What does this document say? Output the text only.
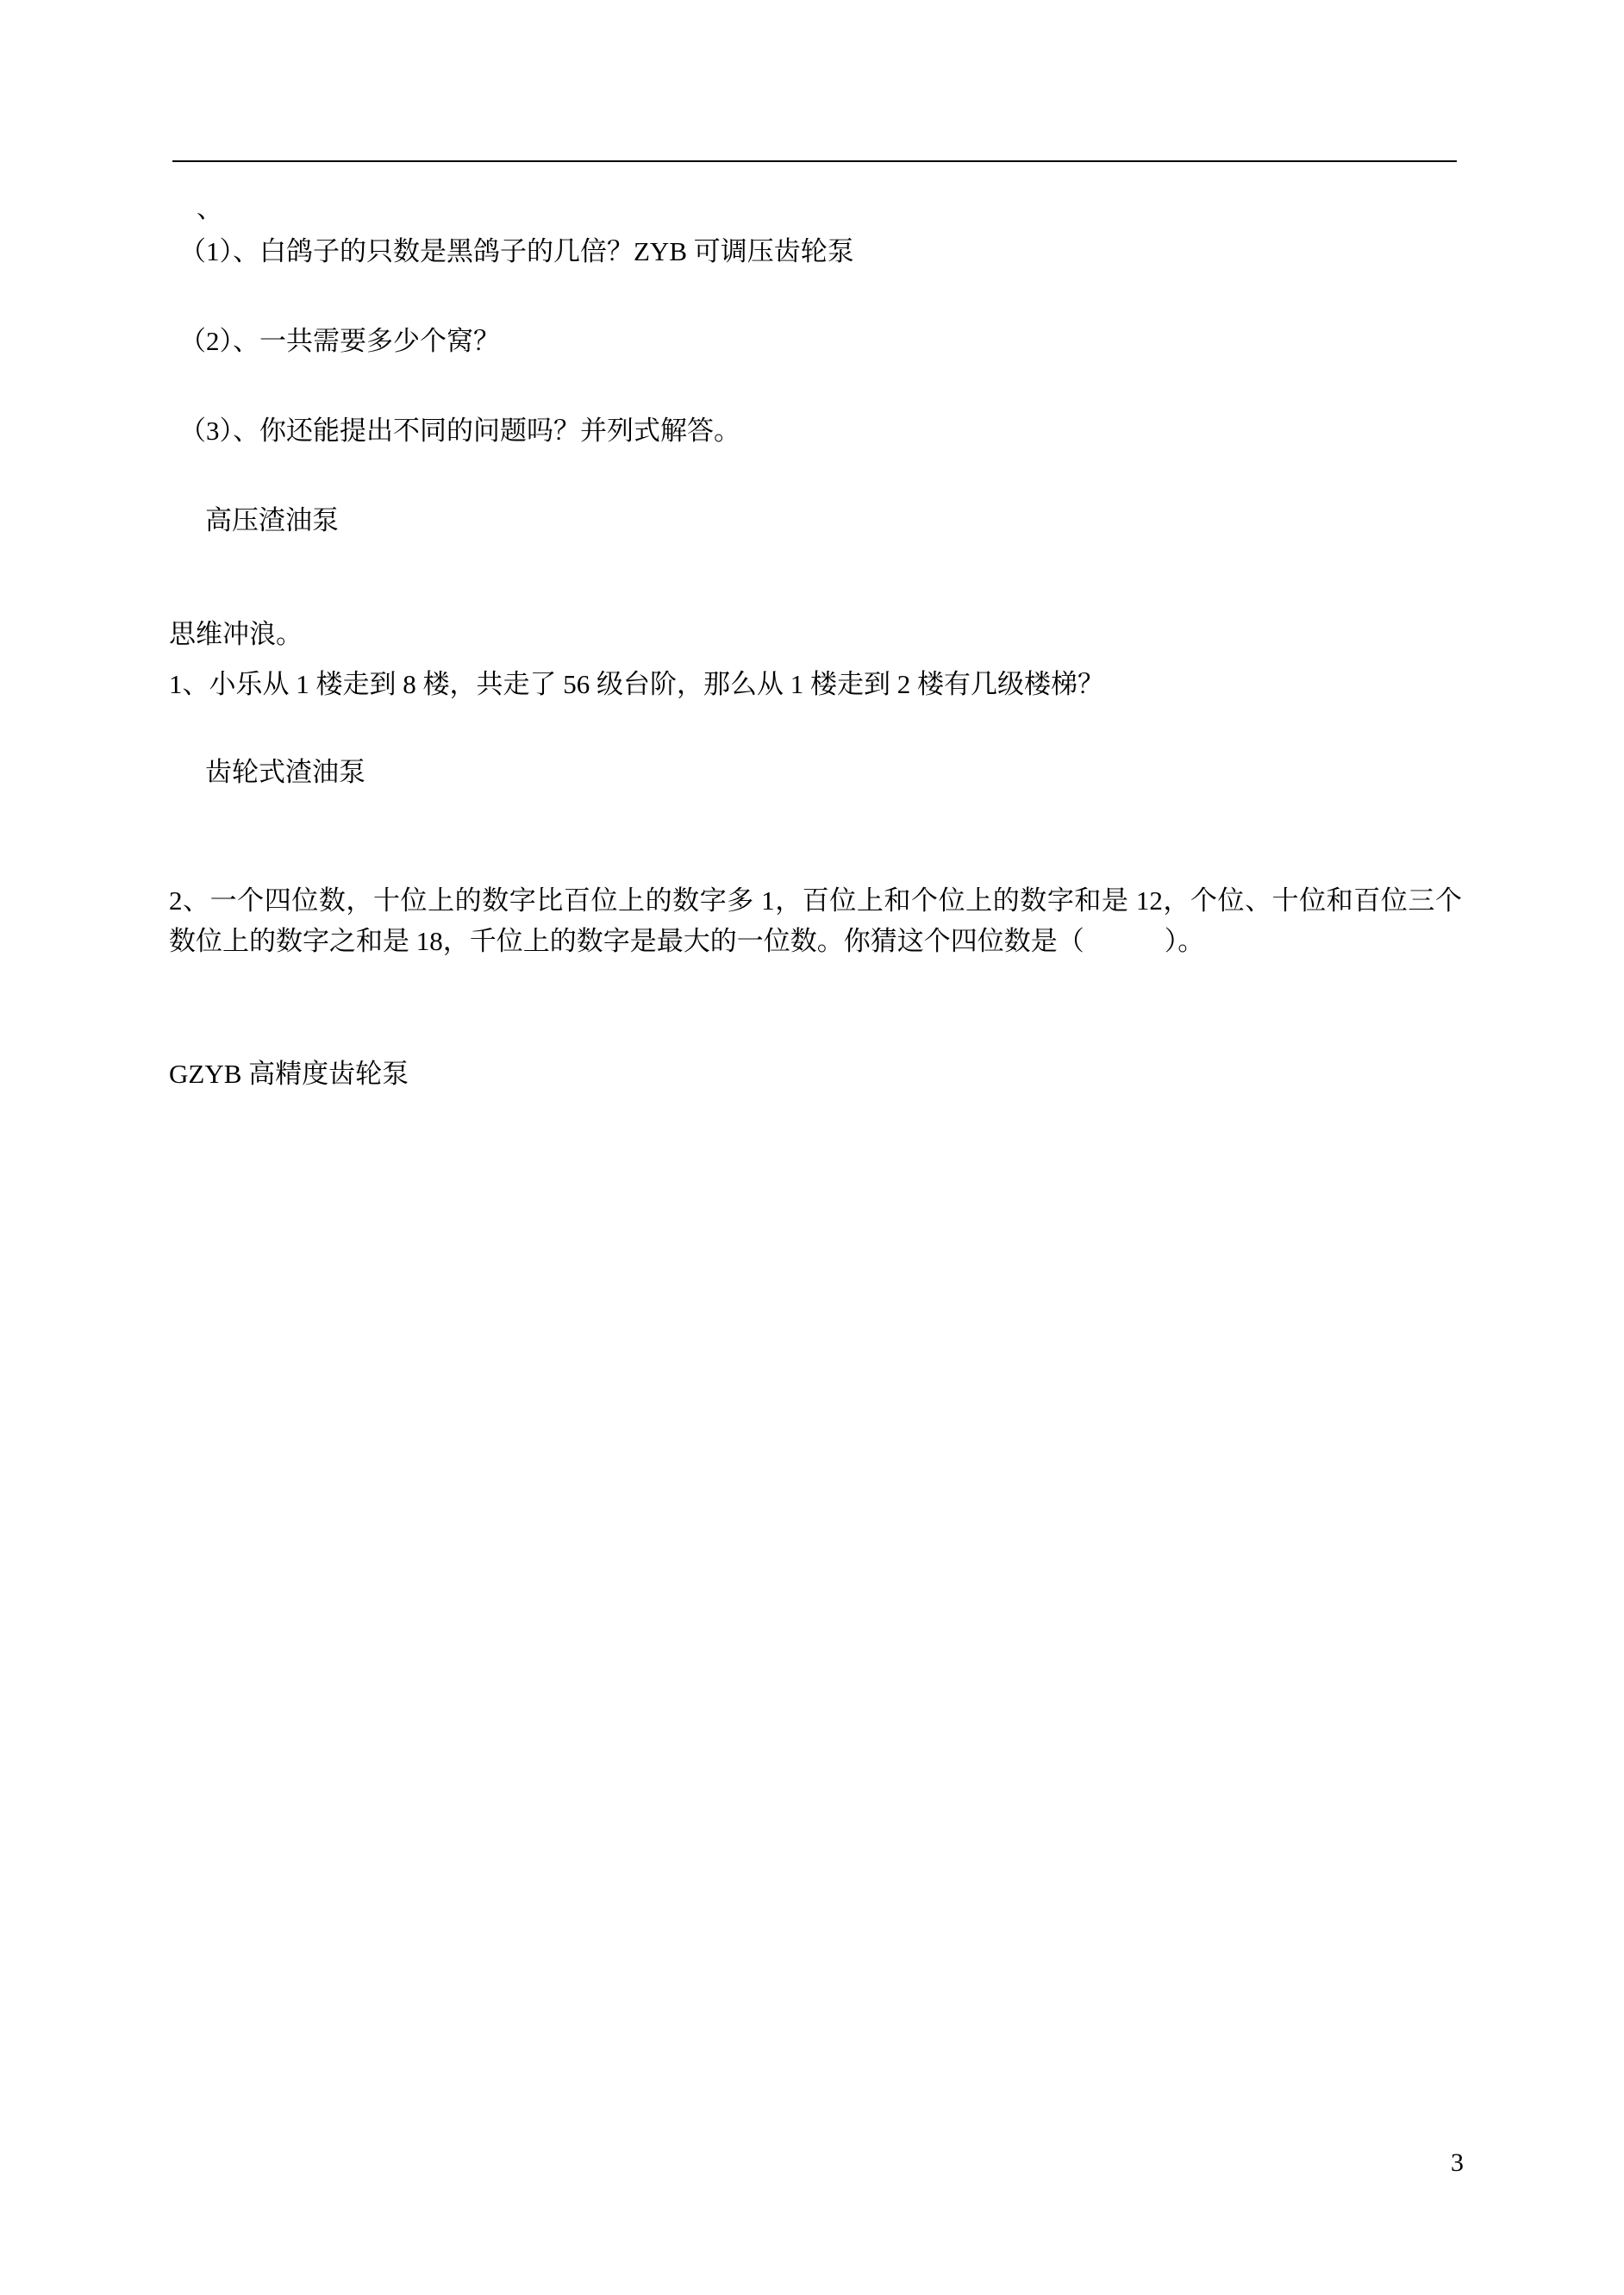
、
（1）、白鸽子的只数是黑鸽子的几倍？ZYB 可调压齿轮泵
（2）、一共需要多少个窝？
（3）、你还能提出不同的问题吗？并列式解答。
高压渣油泵
思维冲浪。
1、小乐从 1 楼走到 8 楼，共走了 56 级台阶，那么从 1 楼走到 2 楼有几级楼梯？
齿轮式渣油泵
2、一个四位数，十位上的数字比百位上的数字多 1，百位上和个位上的数字和是 12，个位、十位和百位三个数位上的数字之和是 18，千位上的数字是最大的一位数。你猜这个四位数是（            ）。
GZYB 高精度齿轮泵
3
